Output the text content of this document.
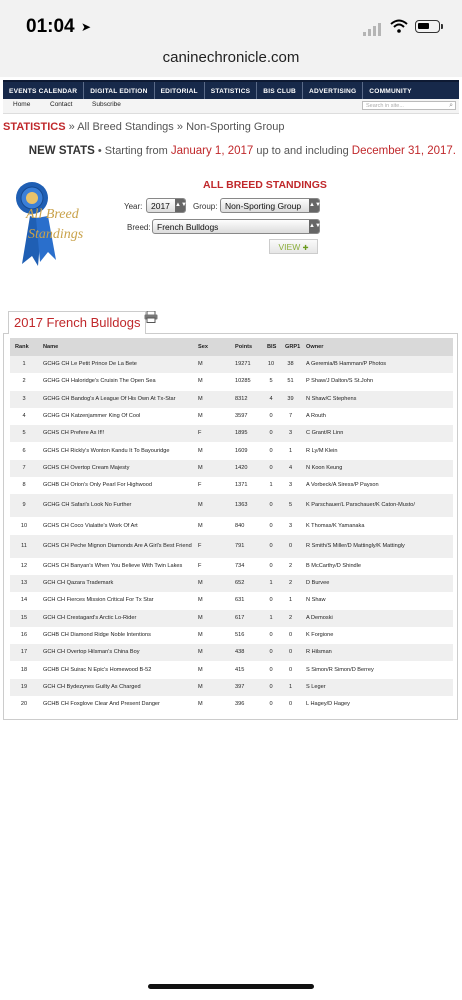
01:04 ➤
caninechronicle.com
EVENTS CALENDAR	DIGITAL EDITION	EDITORIAL	STATISTICS	BIS CLUB	ADVERTISING	COMMUNITY
Home	Contact	Subscribe	Search in site...	⌕
STATISTICS » All Breed Standings » Non-Sporting Group
NEW STATS • Starting from January 1, 2017 up to and including December 31, 2017.
All Breed
Standings
ALL BREED STANDINGS
Year:	2017 ▲▼ Group: Non-Sporting Group ▲▼
Breed: French Bulldogs	▲▼
VIEW ✚
2017 French Bulldogs
Rank	Name	Sex	Points	BIS	GRP1	Owner
1	GCHG CH Le Petit Prince De La Bete	M	19271	10	38	A Geremia/B Hamman/P Photos
2	GCHG CH Haloridge's Cruisin The Open Sea	M	10285	5	51	P Shaw/J Dalton/S St.John
3	GCHG CH Bandog's A League Of His Own At Tx-Star	M	8312	4	39	N Shaw/C Stephens
4	GCHG CH Katzenjammer King Of Cool	M	3597	0	7	A Routh
5	GCHS CH Prefere As If!!	F	1895	0	3	C Grant/R Linn
6	GCHS CH Rickly's Wonton Kandu It To Bayouridge	M	1609	0	1	R Ly/M Klein
7	GCHS CH Overtop Cream Majesty	M	1420	0	4	N Koon Keung
8	GCHB CH Orion's Only Pearl For Highwood	F	1371	1	3	A Vorbeck/A Siress/P Payson
9	GCHG CH Safari's Look No Further	M	1363	0	5	K Parschauer/L Parschauer/K Caton-Musto/
10	GCHS CH Coco Vialatte's Work Of Art	M	840	0	3	K Thomas/K Yamanaka
11	GCHS CH Peche Mignon Diamonds Are A Girl's Best Friend	F	791	0	0	R Smith/S Miller/D Mattingly/K Mattingly
12	GCHS CH Banyan's When You Believe With Twin Lakes	F	734	0	2	B McCarthy/D Shindle
13	GCH CH Qazara Trademark	M	652	1	2	D Burvee
14	GCH CH Fierces Mission Critical For Tx Star	M	631	0	1	N Shaw
15	GCH CH Crestagard's Arctic Lo-Rider	M	617	1	2	A Demoski
16	GCHB CH Diamond Ridge Noble Intentions	M	516	0	0	K Forgione
17	GCH CH Overtop Hilsman's China Boy	M	438	0	0	R Hilsman
18	GCHB CH Suirac N Epic's Homewood B-52	M	415	0	0	S Simon/R Simon/D Berrey
19	GCH CH Bydezynes Guilty As Charged	M	397	0	1	S Leger
20	GCHB CH Foxglove Clear And Present Danger	M	396	0	0	L Hagey/D Hagey
